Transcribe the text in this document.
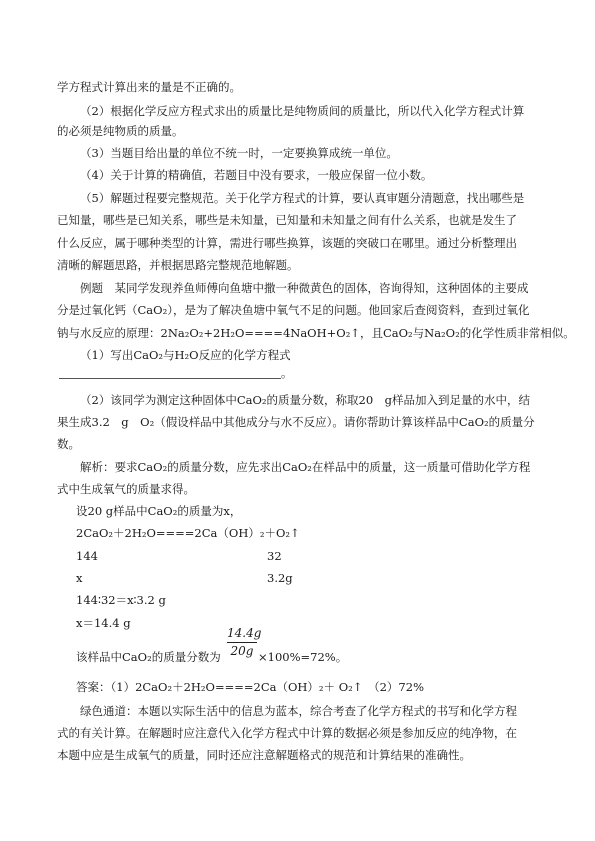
学方程式计算出来的量是不正确的。
（2）根据化学反应方程式求出的质量比是纯物质间的质量比，所以代入化学方程式计算
的必须是纯物质的质量。
（3）当题目给出量的单位不统一时，一定要换算成统一单位。
（4）关于计算的精确值，若题目中没有要求，一般应保留一位小数。
（5）解题过程要完整规范。关于化学方程式的计算，要认真审题分清题意，找出哪些是
已知量，哪些是已知关系，哪些是未知量，已知量和未知量之间有什么关系，也就是发生了
什么反应，属于哪种类型的计算，需进行哪些换算，该题的突破口在哪里。通过分析整理出
清晰的解题思路，并根据思路完整规范地解题。
例题　某同学发现养鱼师傅向鱼塘中撒一种微黄色的固体，咨询得知，这种固体的主要成
分是过氧化钙（CaO₂），是为了解决鱼塘中氧气不足的问题。他回家后查阅资料，查到过氧化
钠与水反应的原理：2Na₂O₂+2H₂O====4NaOH+O₂↑，且CaO₂与Na₂O₂的化学性质非常相似。
（1）写出CaO₂与H₂O反应的化学方程式
。
（2）该同学为测定这种固体中CaO₂的质量分数，称取20　g样品加入到足量的水中，结
果生成3.2　g　O₂（假设样品中其他成分与水不反应）。请你帮助计算该样品中CaO₂的质量分
数。
解析：要求CaO₂的质量分数，应先求出CaO₂在样品中的质量，这一质量可借助化学方程
式中生成氧气的质量求得。
设20 g样品中CaO₂的质量为x，
2CaO₂＋2H₂O====2Ca（OH）₂＋O₂↑
144	32
x	3.2g
144∶32＝x∶3.2 g
x＝14.4 g
14.4g
20g
该样品中CaO₂的质量分数为	×100%=72%。
答案：（1）2CaO₂＋2H₂O====2Ca（OH）₂＋ O₂↑　（2）72%
绿色通道：本题以实际生活中的信息为蓝本，综合考查了化学方程式的书写和化学方程
式的有关计算。在解题时应注意代入化学方程式中计算的数据必须是参加反应的纯净物，在
本题中应是生成氧气的质量，同时还应注意解题格式的规范和计算结果的准确性。
